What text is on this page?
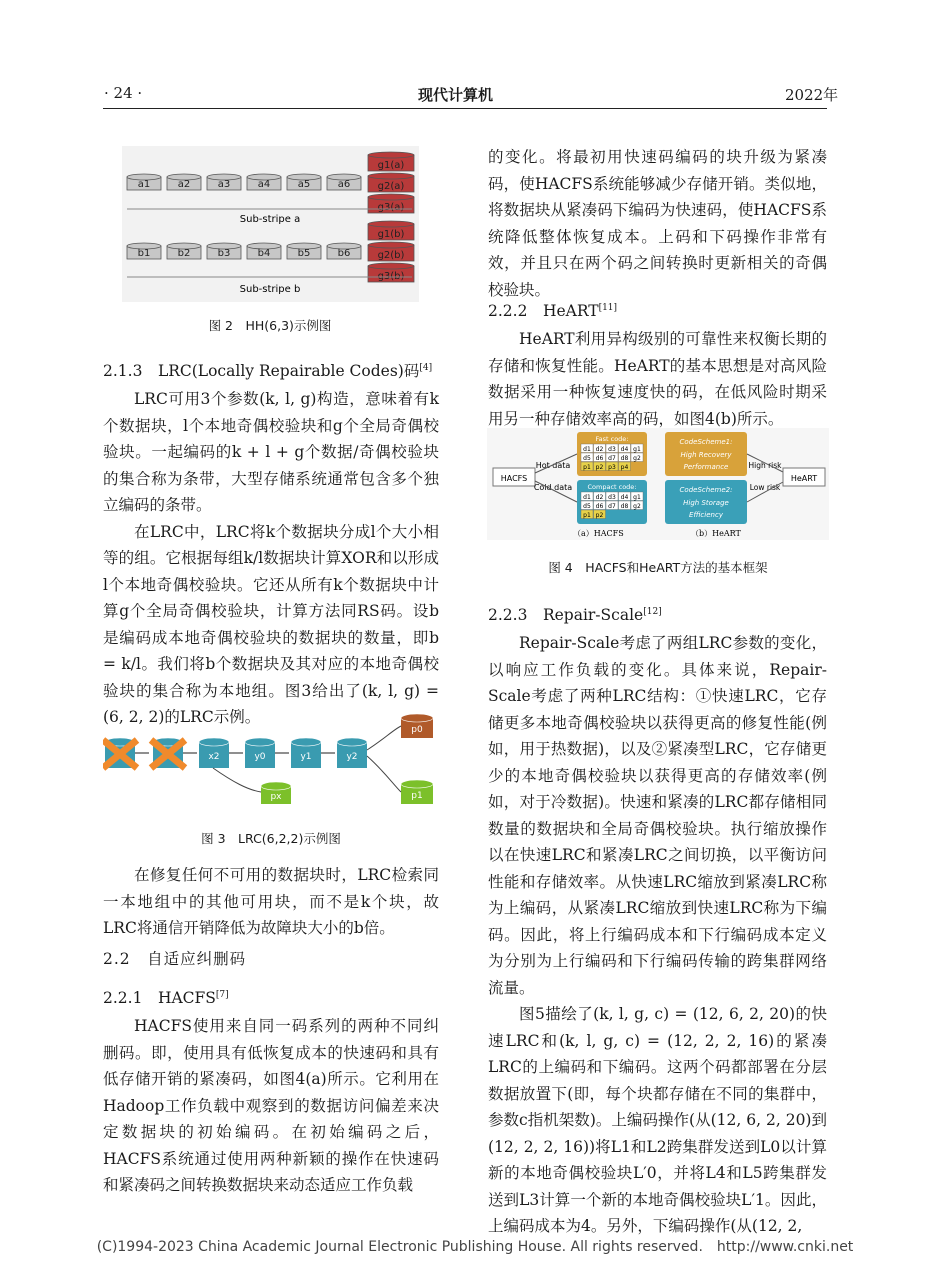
· 24 ·	现代计算机	2022年
a1	a2	a3	a4	a5	a6
b1	b2	b3	b4	b5	b6
g1(a)
g2(a)
g3(a)
g1(b)
g2(b)
g3(b)
Sub-stripe a
Sub-stripe b
图 2　HH(6,3)示例图
2.1.3　LRC(Locally Repairable Codes)码[4]

LRC可用3个参数(k, l, g)构造，意味着有k个数据块，l个本地奇偶校验块和g个全局奇偶校验块。一起编码的k + l + g个数据/奇偶校验块的集合称为条带，大型存储系统通常包含多个独立编码的条带。

在LRC中，LRC将k个数据块分成l个大小相等的组。它根据每组k/l数据块计算XOR和以形成l个本地奇偶校验块。它还从所有k个数据块中计算g个全局奇偶校验块，计算方法同RS码。设b是编码成本地奇偶校验块的数据块的数量，即b = k/l。我们将b个数据块及其对应的本地奇偶校验块的集合称为本地组。图3给出了(k, l, g) = (6, 2, 2)的LRC示例。

x2	y0	y1	y2
p0
p1
px
图 3　LRC(6,2,2)示例图

在修复任何不可用的数据块时，LRC检索同一本地组中的其他可用块，而不是k个块，故LRC将通信开销降低为故障块大小的b倍。

2.2　自适应纠删码
2.2.1　HACFS[7]

HACFS使用来自同一码系列的两种不同纠删码。即，使用具有低恢复成本的快速码和具有低存储开销的紧凑码，如图4(a)所示。它利用在Hadoop工作负载中观察到的数据访问偏差来决定数据块的初始编码。在初始编码之后，HACFS系统通过使用两种新颖的操作在快速码和紧凑码之间转换数据块来动态适应工作负载

的变化。将最初用快速码编码的块升级为紧凑码，使HACFS系统能够减少存储开销。类似地，将数据块从紧凑码下编码为快速码，使HACFS系统降低整体恢复成本。上码和下码操作非常有效，并且只在两个码之间转换时更新相关的奇偶校验块。

2.2.2　HeART[11]

HeART利用异构级别的可靠性来权衡长期的存储和恢复性能。HeART的基本思想是对高风险数据采用一种恢复速度快的码，在低风险时期采用另一种存储效率高的码，如图4(b)所示。

HACFS
Hot data
Cold data
Fast code:
Compact code:
d1 d2 d3 d4 g1
d5 d6 d7 d8 g2
p1 p2 p3 p4
d1 d2 d3 d4 g1
d5 d6 d7 d8 g2
p1 p2
（a）HACFS
CodeScheme1:
High Recovery
Performance
CodeScheme2:
High Storage
Efficiency
High risk
Low risk
HeART
（b）HeART
图 4　HACFS和HeART方法的基本框架
2.2.3　Repair-Scale[12]

Repair-Scale考虑了两组LRC参数的变化，以响应工作负载的变化。具体来说，Repair-Scale考虑了两种LRC结构：①快速LRC，它存储更多本地奇偶校验块以获得更高的修复性能(例如，用于热数据)，以及②紧凑型LRC，它存储更少的本地奇偶校验块以获得更高的存储效率(例如，对于冷数据)。快速和紧凑的LRC都存储相同数量的数据块和全局奇偶校验块。执行缩放操作以在快速LRC和紧凑LRC之间切换，以平衡访问性能和存储效率。从快速LRC缩放到紧凑LRC称为上编码，从紧凑LRC缩放到快速LRC称为下编码。因此，将上行编码成本和下行编码成本定义为分别为上行编码和下行编码传输的跨集群网络流量。

图5描绘了(k, l, g, c) = (12, 6, 2, 20)的快速LRC和(k, l, g, c) = (12, 2, 2, 16)的紧凑LRC的上编码和下编码。这两个码都部署在分层数据放置下(即，每个块都存储在不同的集群中，参数c指机架数)。上编码操作(从(12, 6, 2, 20)到(12, 2, 2, 16))将L1和L2跨集群发送到L0以计算新的本地奇偶校验块L′0，并将L4和L5跨集群发送到L3计算一个新的本地奇偶校验块L′1。因此，上编码成本为4。另外，下编码操作(从(12, 2,

(C)1994-2023 China Academic Journal Electronic Publishing House. All rights reserved.　http://www.cnki.net
